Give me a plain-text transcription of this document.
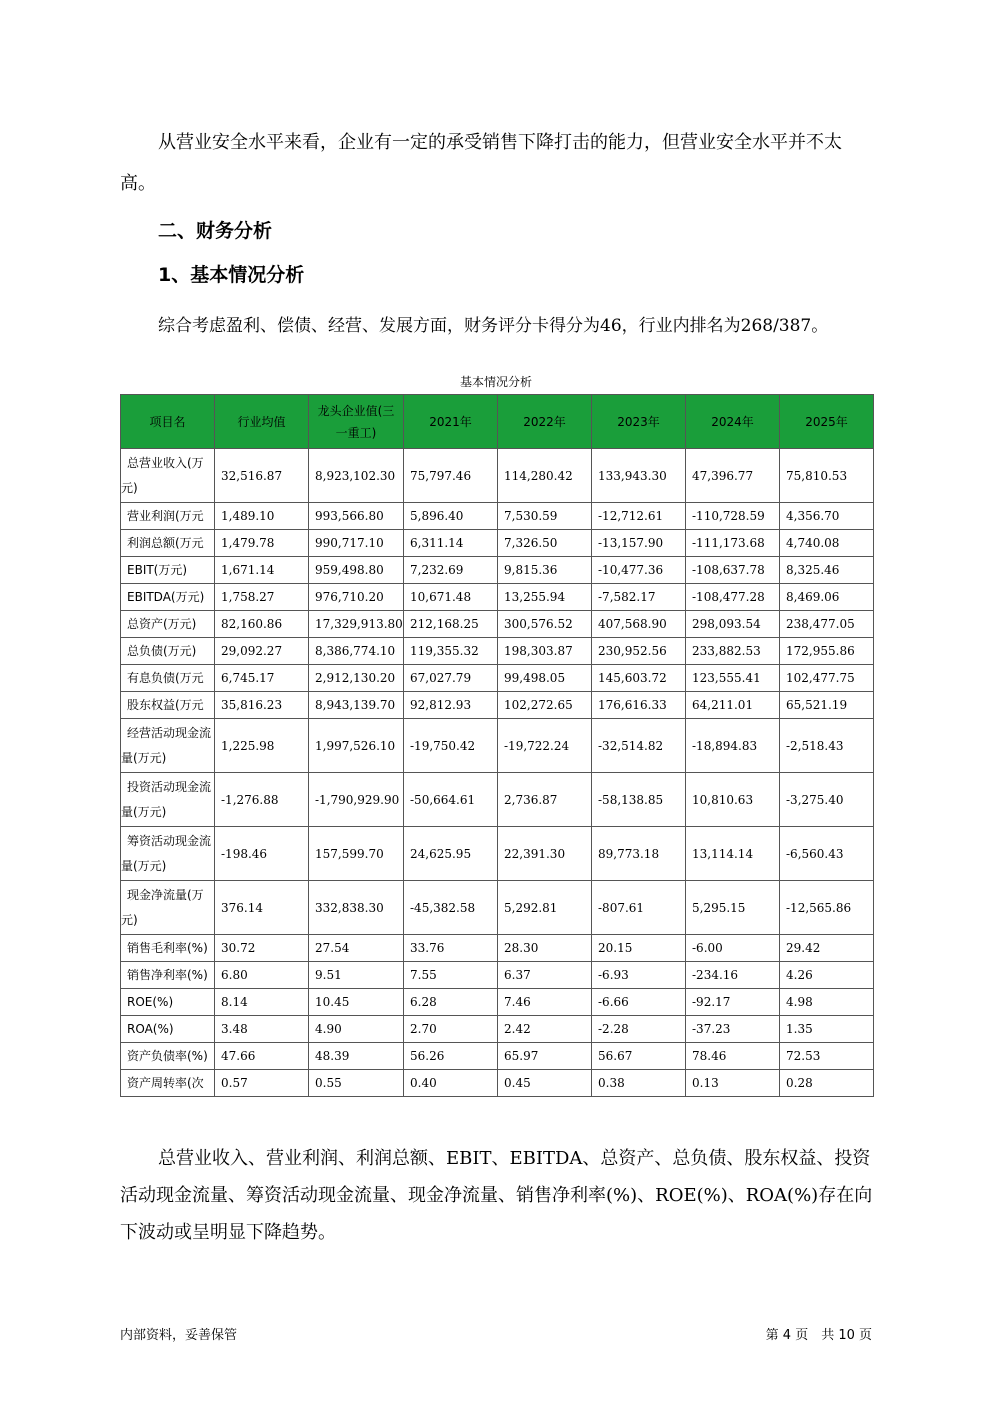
从营业安全水平来看，企业有一定的承受销售下降打击的能力，但营业安全水平并不太高。
二、财务分析
1、基本情况分析
综合考虑盈利、偿债、经营、发展方面，财务评分卡得分为46，行业内排名为268/387。
基本情况分析
项目名	行业均值	龙头企业值(三一重工)	2021年	2022年	2023年	2024年	2025年
总营业收入(万元)	32,516.87	8,923,102.30	75,797.46	114,280.42	133,943.30	47,396.77	75,810.53
营业利润(万元	1,489.10	993,566.80	5,896.40	7,530.59	-12,712.61	-110,728.59	4,356.70
利润总额(万元	1,479.78	990,717.10	6,311.14	7,326.50	-13,157.90	-111,173.68	4,740.08
EBIT(万元)	1,671.14	959,498.80	7,232.69	9,815.36	-10,477.36	-108,637.78	8,325.46
EBITDA(万元)	1,758.27	976,710.20	10,671.48	13,255.94	-7,582.17	-108,477.28	8,469.06
总资产(万元)	82,160.86	17,329,913.80	212,168.25	300,576.52	407,568.90	298,093.54	238,477.05
总负债(万元)	29,092.27	8,386,774.10	119,355.32	198,303.87	230,952.56	233,882.53	172,955.86
有息负债(万元	6,745.17	2,912,130.20	67,027.79	99,498.05	145,603.72	123,555.41	102,477.75
股东权益(万元	35,816.23	8,943,139.70	92,812.93	102,272.65	176,616.33	64,211.01	65,521.19
经营活动现金流量(万元)	1,225.98	1,997,526.10	-19,750.42	-19,722.24	-32,514.82	-18,894.83	-2,518.43
投资活动现金流量(万元)	-1,276.88	-1,790,929.90	-50,664.61	2,736.87	-58,138.85	10,810.63	-3,275.40
筹资活动现金流量(万元)	-198.46	157,599.70	24,625.95	22,391.30	89,773.18	13,114.14	-6,560.43
现金净流量(万元)	376.14	332,838.30	-45,382.58	5,292.81	-807.61	5,295.15	-12,565.86
销售毛利率(%)	30.72	27.54	33.76	28.30	20.15	-6.00	29.42
销售净利率(%)	6.80	9.51	7.55	6.37	-6.93	-234.16	4.26
ROE(%)	8.14	10.45	6.28	7.46	-6.66	-92.17	4.98
ROA(%)	3.48	4.90	2.70	2.42	-2.28	-37.23	1.35
资产负债率(%)	47.66	48.39	56.26	65.97	56.67	78.46	72.53
资产周转率(次	0.57	0.55	0.40	0.45	0.38	0.13	0.28
总营业收入、营业利润、利润总额、EBIT、EBITDA、总资产、总负债、股东权益、投资活动现金流量、筹资活动现金流量、现金净流量、销售净利率(%)、ROE(%)、ROA(%)存在向下波动或呈明显下降趋势。
内部资料，妥善保管	第 4 页　共 10 页
